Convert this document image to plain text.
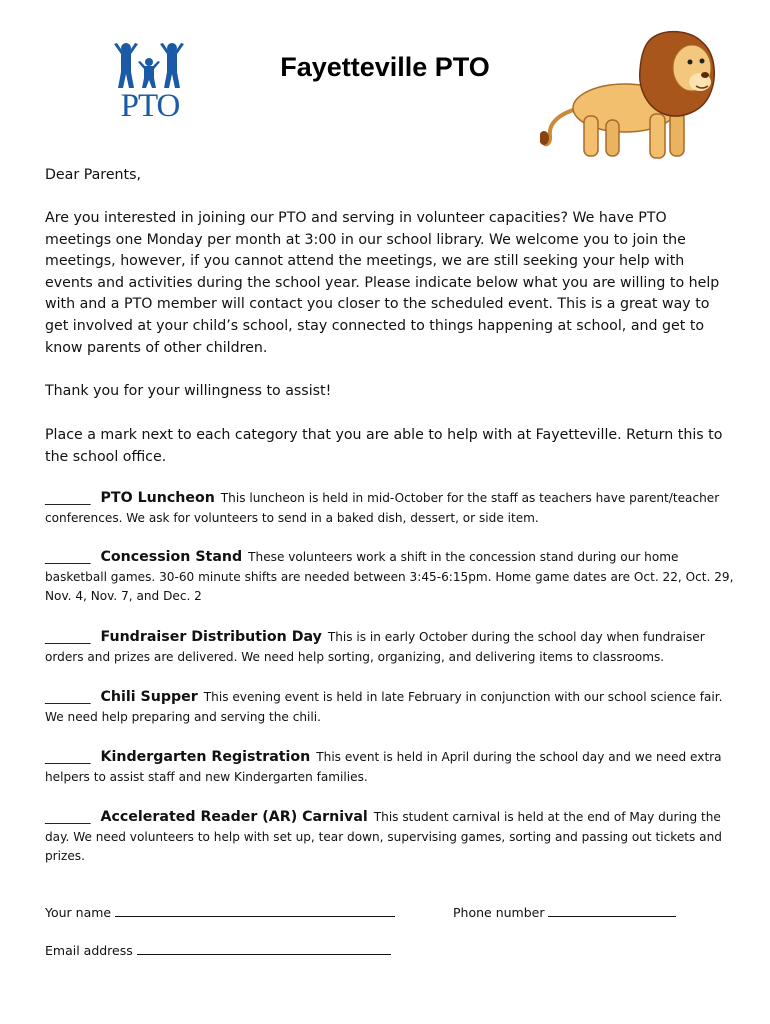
PTO
Fayetteville PTO
Dear Parents,
Are you interested in joining our PTO and serving in volunteer capacities? We have PTO meetings one Monday per month at 3:00 in our school library. We welcome you to join the meetings, however, if you cannot attend the meetings, we are still seeking your help with events and activities during the school year. Please indicate below what you are willing to help with and a PTO member will contact you closer to the scheduled event. This is a great way to get involved at your child’s school, stay connected to things happening at school, and get to know parents of other children.
Thank you for your willingness to assist!
Place a mark next to each category that you are able to help with at Fayetteville. Return this to the school office.
_______ PTO Luncheon This luncheon is held in mid-October for the staff as teachers have parent/teacher conferences. We ask for volunteers to send in a baked dish, dessert, or side item.
_______ Concession Stand These volunteers work a shift in the concession stand during our home basketball games. 30-60 minute shifts are needed between 3:45-6:15pm. Home game dates are Oct. 22, Oct. 29, Nov. 4, Nov. 7, and Dec. 2
_______ Fundraiser Distribution Day This is in early October during the school day when fundraiser orders and prizes are delivered. We need help sorting, organizing, and delivering items to classrooms.
_______ Chili Supper This evening event is held in late February in conjunction with our school science fair. We need help preparing and serving the chili.
_______ Kindergarten Registration This event is held in April during the school day and we need extra helpers to assist staff and new Kindergarten families.
_______ Accelerated Reader (AR) Carnival This student carnival is held at the end of May during the day. We need volunteers to help with set up, tear down, supervising games, sorting and passing out tickets and prizes.
Your name	Phone number
Email address
